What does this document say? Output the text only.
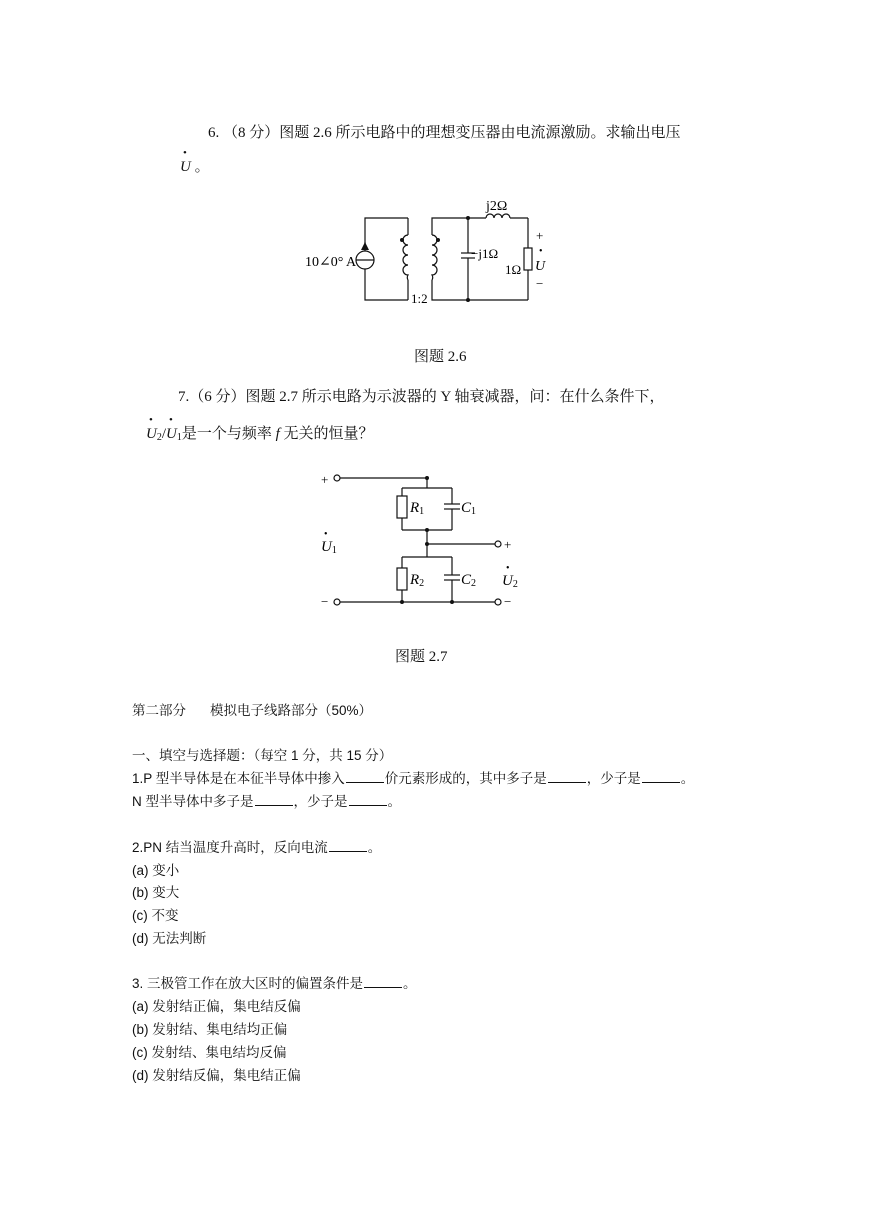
6. （8 分）图题 2.6 所示电路中的理想变压器由电流源激励。求输出电压
• U 。
10∠0° A
1:2
j2Ω
−j1Ω
1Ω
+
U
•
−
图题 2.6
7.（6 分）图题 2.7 所示电路为示波器的 Y 轴衰减器，问：在什么条件下，
• $U_2/•$ $U_1$是一个与频率 f 无关的恒量？
+
−
+
−
R1 C1
R2 C2
•
U1
•
U2
图题 2.7
第二部分 模拟电子线路部分（50%）
一、填空与选择题：（每空 1 分，共 15 分）
1.P 型半导体是在本征半导体中掺入	价元素形成的，其中多子是	，少子是	。
N 型半导体中多子是	，少子是	。
2.PN 结当温度升高时，反向电流	。
(a) 变小
(b) 变大
(c) 不变
(d) 无法判断
3. 三极管工作在放大区时的偏置条件是	。
(a) 发射结正偏，集电结反偏
(b) 发射结、集电结均正偏
(c) 发射结、集电结均反偏
(d) 发射结反偏，集电结正偏
